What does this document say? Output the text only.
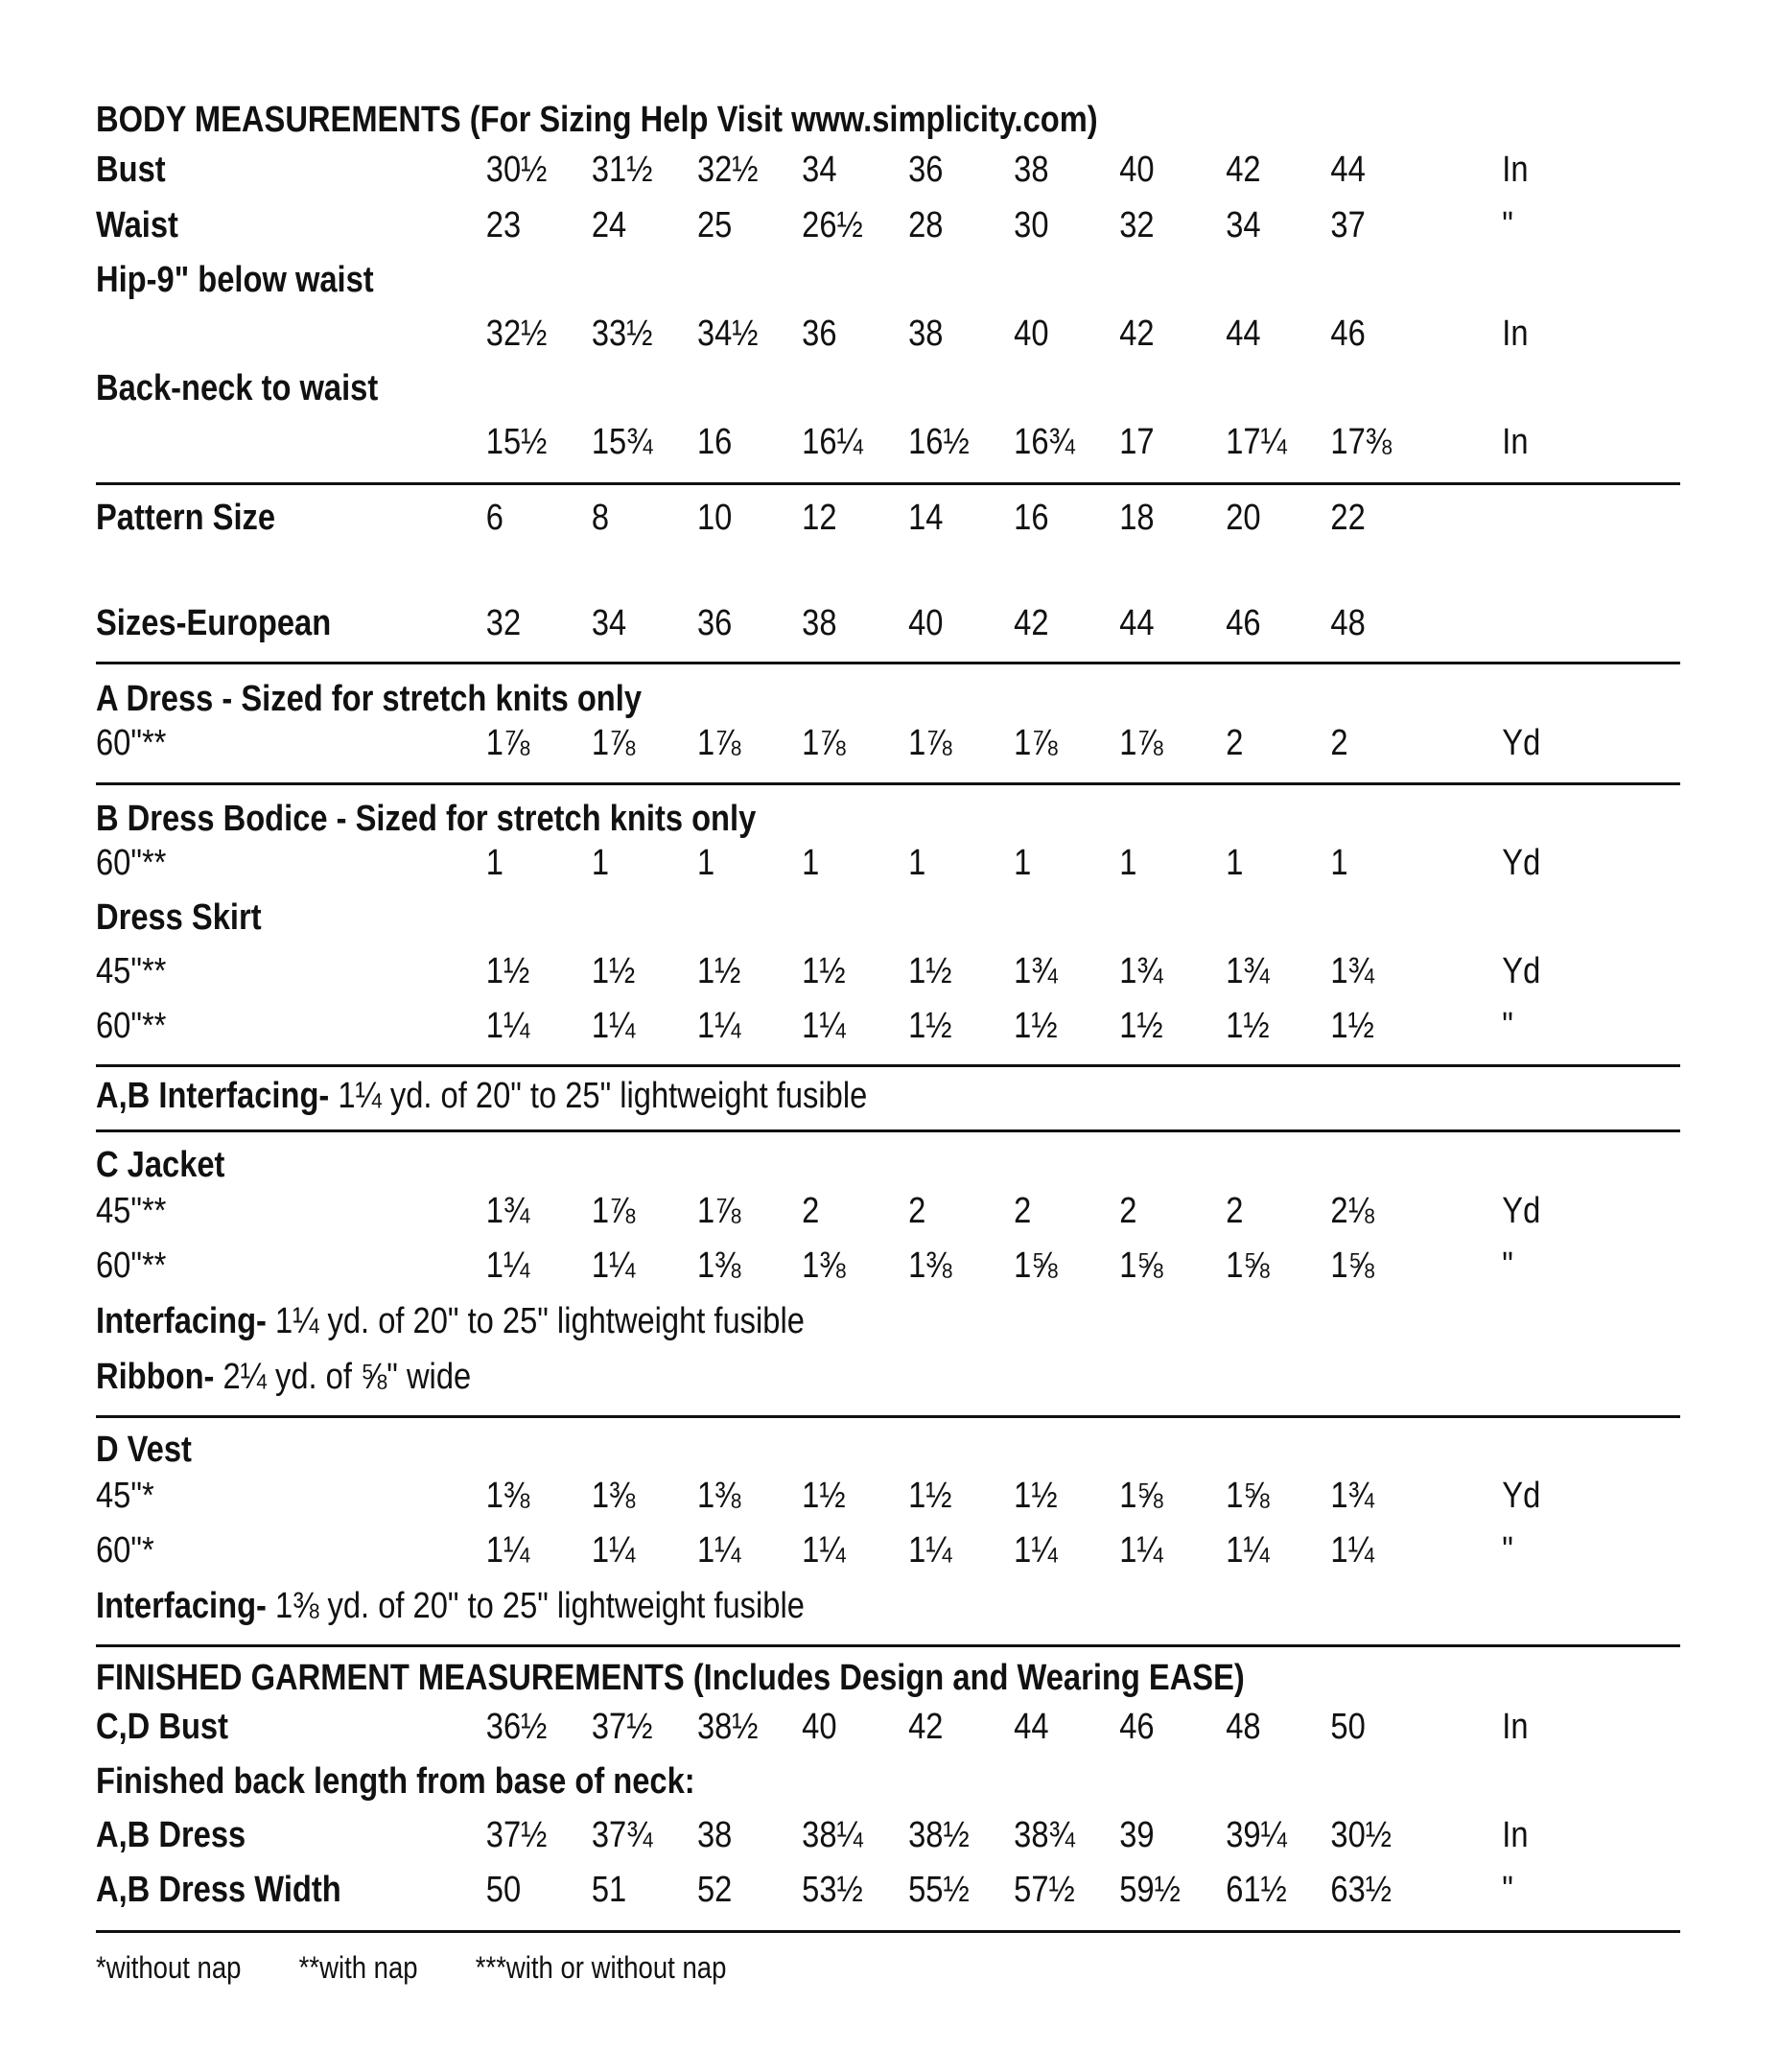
BODY MEASUREMENTS (For Sizing Help Visit www.simplicity.com)
Bust	30½	31½	32½	34	36	38	40	42	44	In
Waist	23	24	25	26½	28	30	32	34	37	"
Hip-9" below waist
32½	33½	34½	36	38	40	42	44	46	In
Back-neck to waist
15½	15¾	16	16¼	16½	16¾	17	17¼	17⅜	In
Pattern Size	6	8	10	12	14	16	18	20	22
Sizes-European	32	34	36	38	40	42	44	46	48
A Dress - Sized for stretch knits only
60"**	1⅞	1⅞	1⅞	1⅞	1⅞	1⅞	1⅞	2	2	Yd
B Dress Bodice - Sized for stretch knits only
60"**	1	1	1	1	1	1	1	1	1	Yd
Dress Skirt
45"**	1½	1½	1½	1½	1½	1¾	1¾	1¾	1¾	Yd
60"**	1¼	1¼	1¼	1¼	1½	1½	1½	1½	1½	"
A,B Interfacing- 1¼ yd. of 20" to 25" lightweight fusible
C Jacket
45"**	1¾	1⅞	1⅞	2	2	2	2	2	2⅛	Yd
60"**	1¼	1¼	1⅜	1⅜	1⅜	1⅝	1⅝	1⅝	1⅝	"
Interfacing- 1¼ yd. of 20" to 25" lightweight fusible
Ribbon- 2¼ yd. of ⅝" wide
D Vest
45"*	1⅜	1⅜	1⅜	1½	1½	1½	1⅝	1⅝	1¾	Yd
60"*	1¼	1¼	1¼	1¼	1¼	1¼	1¼	1¼	1¼	"
Interfacing- 1⅜ yd. of 20" to 25" lightweight fusible
FINISHED GARMENT MEASUREMENTS (Includes Design and Wearing EASE)
C,D Bust	36½	37½	38½	40	42	44	46	48	50	In
Finished back length from base of neck:
A,B Dress	37½	37¾	38	38¼	38½	38¾	39	39¼	30½	In
A,B Dress Width	50	51	52	53½	55½	57½	59½	61½	63½	"
*without nap **with nap ***with or without nap
